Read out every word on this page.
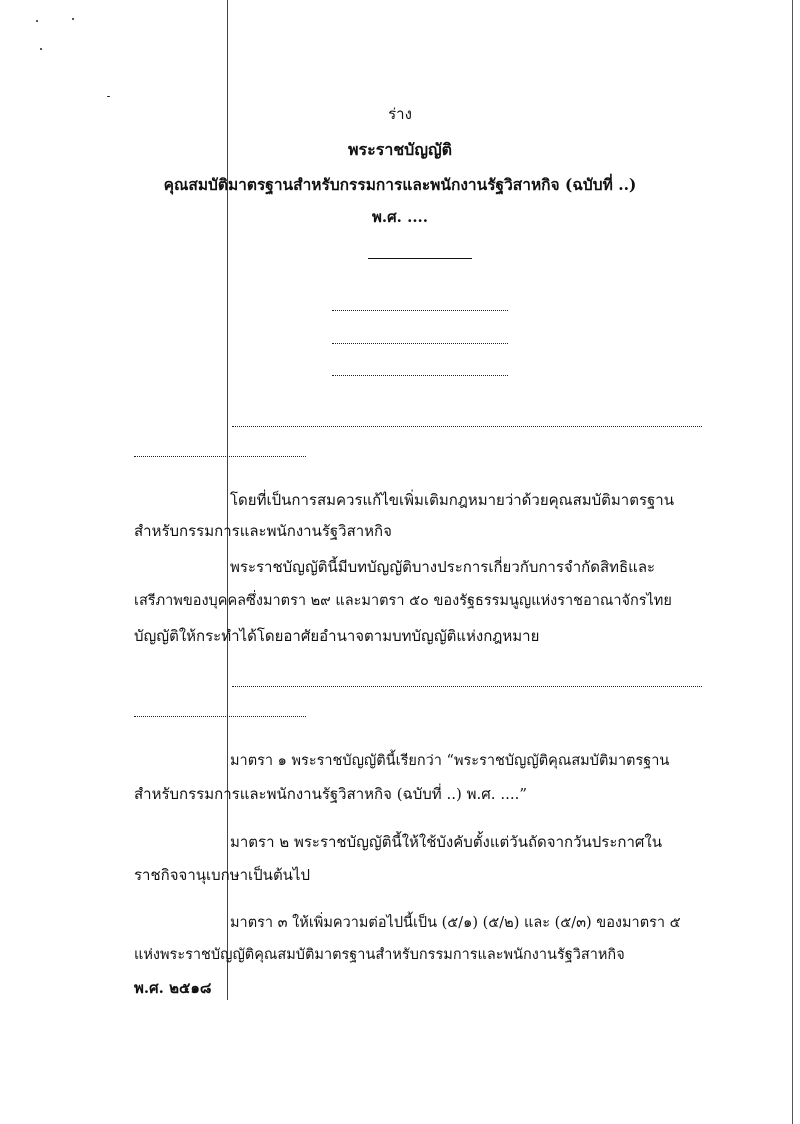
ร่าง
พระราชบัญญัติ
คุณสมบัติมาตรฐานสำหรับกรรมการและพนักงานรัฐวิสาหกิจ (ฉบับที่ ..)
พ.ศ. ....
โดยที่เป็นการสมควรแก้ไขเพิ่มเติมกฎหมายว่าด้วยคุณสมบัติมาตรฐาน
สำหรับกรรมการและพนักงานรัฐวิสาหกิจ
พระราชบัญญัตินี้มีบทบัญญัติบางประการเกี่ยวกับการจำกัดสิทธิและ
เสรีภาพของบุคคลซึ่งมาตรา ๒๙ และมาตรา ๕๐ ของรัฐธรรมนูญแห่งราชอาณาจักรไทย
บัญญัติให้กระทำได้โดยอาศัยอำนาจตามบทบัญญัติแห่งกฎหมาย
มาตรา ๑ พระราชบัญญัตินี้เรียกว่า “พระราชบัญญัติคุณสมบัติมาตรฐาน
สำหรับกรรมการและพนักงานรัฐวิสาหกิจ (ฉบับที่ ..) พ.ศ. ....”
มาตรา ๒ พระราชบัญญัตินี้ให้ใช้บังคับตั้งแต่วันถัดจากวันประกาศใน
ราชกิจจานุเบกษาเป็นต้นไป
มาตรา ๓ ให้เพิ่มความต่อไปนี้เป็น (๕/๑) (๕/๒) และ (๕/๓) ของมาตรา ๕
แห่งพระราชบัญญัติคุณสมบัติมาตรฐานสำหรับกรรมการและพนักงานรัฐวิสาหกิจ
พ.ศ. ๒๕๑๘
